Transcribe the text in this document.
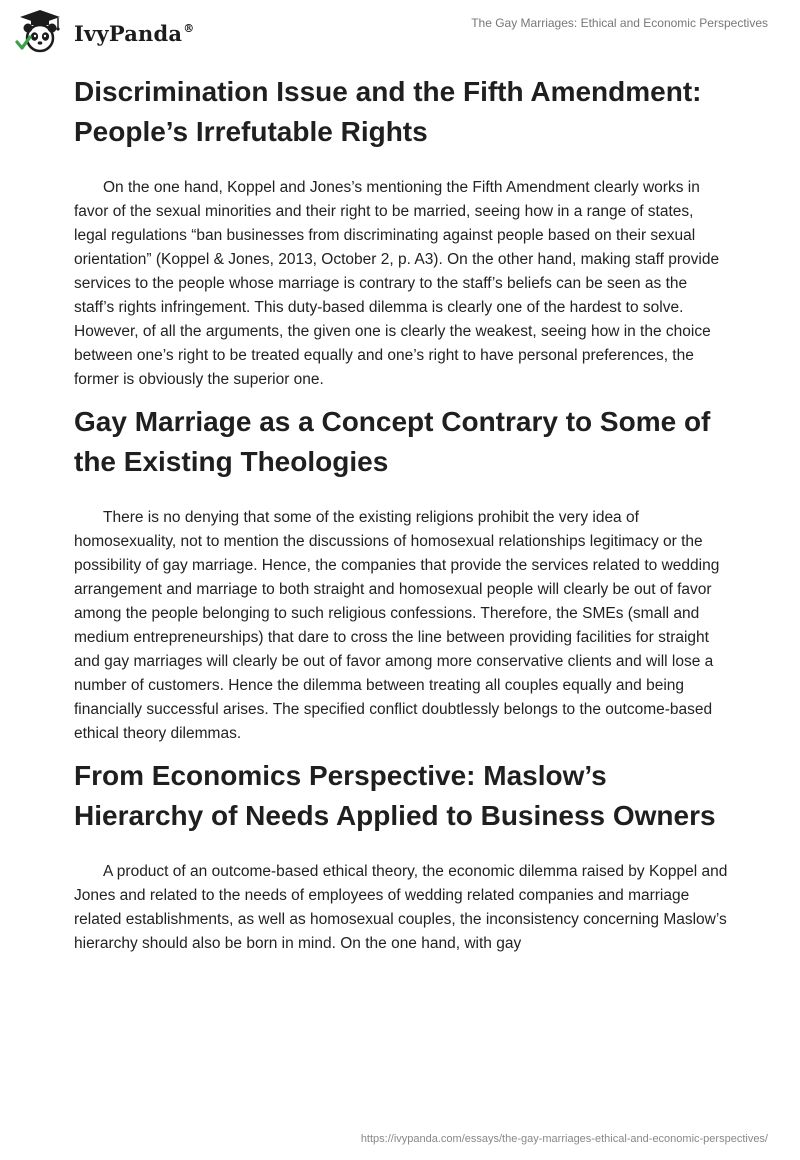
IvyPanda®	The Gay Marriages: Ethical and Economic Perspectives
Discrimination Issue and the Fifth Amendment: People’s Irrefutable Rights

On the one hand, Koppel and Jones’s mentioning the Fifth Amendment clearly works in favor of the sexual minorities and their right to be married, seeing how in a range of states, legal regulations “ban businesses from discriminating against people based on their sexual orientation” (Koppel & Jones, 2013, October 2, p. A3). On the other hand, making staff provide services to the people whose marriage is contrary to the staff’s beliefs can be seen as the staff’s rights infringement. This duty-based dilemma is clearly one of the hardest to solve. However, of all the arguments, the given one is clearly the weakest, seeing how in the choice between one’s right to be treated equally and one’s right to have personal preferences, the former is obviously the superior one.

Gay Marriage as a Concept Contrary to Some of the Existing Theologies

There is no denying that some of the existing religions prohibit the very idea of homosexuality, not to mention the discussions of homosexual relationships legitimacy or the possibility of gay marriage. Hence, the companies that provide the services related to wedding arrangement and marriage to both straight and homosexual people will clearly be out of favor among the people belonging to such religious confessions. Therefore, the SMEs (small and medium entrepreneurships) that dare to cross the line between providing facilities for straight and gay marriages will clearly be out of favor among more conservative clients and will lose a number of customers. Hence the dilemma between treating all couples equally and being financially successful arises. The specified conflict doubtlessly belongs to the outcome-based ethical theory dilemmas.

From Economics Perspective: Maslow’s Hierarchy of Needs Applied to Business Owners

A product of an outcome-based ethical theory, the economic dilemma raised by Koppel and Jones and related to the needs of employees of wedding related companies and marriage related establishments, as well as homosexual couples, the inconsistency concerning Maslow’s hierarchy should also be born in mind. On the one hand, with gay

https://ivypanda.com/essays/the-gay-marriages-ethical-and-economic-perspectives/
